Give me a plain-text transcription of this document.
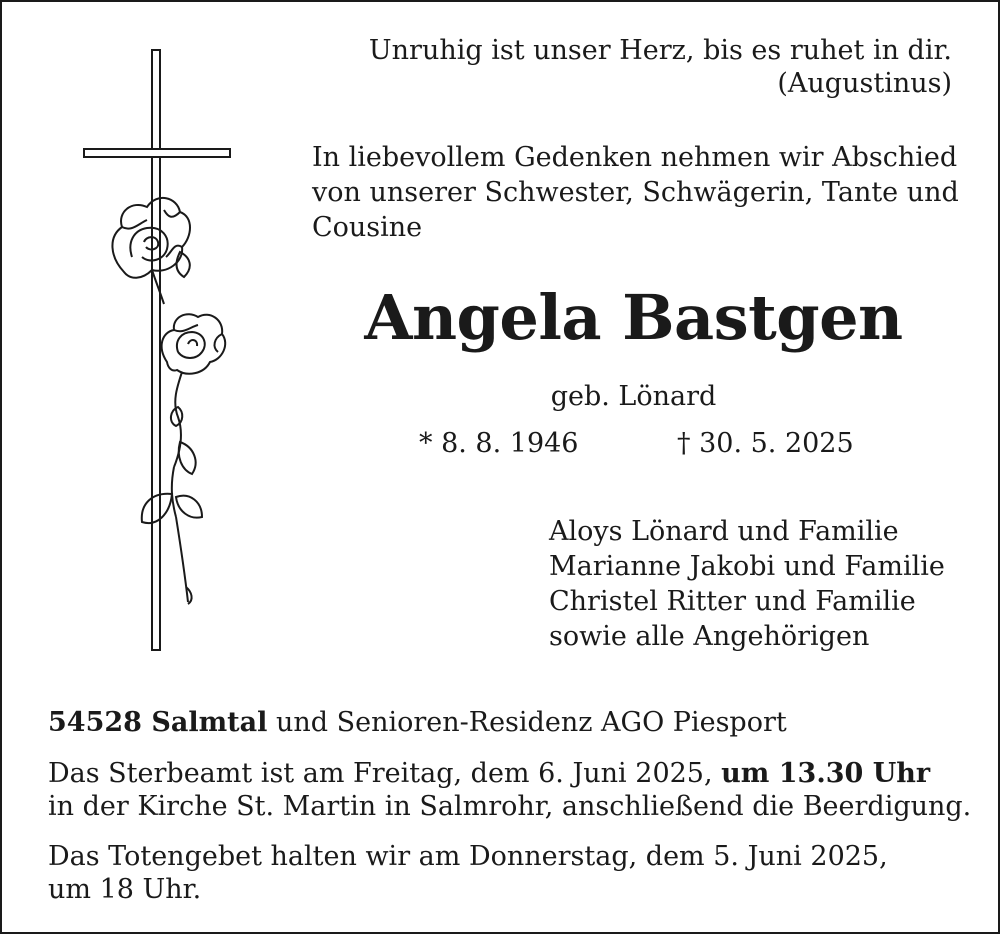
Unruhig ist unser Herz, bis es ruhet in dir.
(Augustinus)
In liebevollem Gedenken nehmen wir Abschied
von unserer Schwester, Schwägerin, Tante und
Cousine
Angela Bastgen
geb. Lönard
* 8. 8. 1946	† 30. 5. 2025
Aloys Lönard und Familie
Marianne Jakobi und Familie
Christel Ritter und Familie
sowie alle Angehörigen
54528 Salmtal und Senioren-Residenz AGO Piesport
Das Sterbeamt ist am Freitag, dem 6. Juni 2025, um 13.30 Uhr
in der Kirche St. Martin in Salmrohr, anschließend die Beerdigung.
Das Totengebet halten wir am Donnerstag, dem 5. Juni 2025,
um 18 Uhr.
